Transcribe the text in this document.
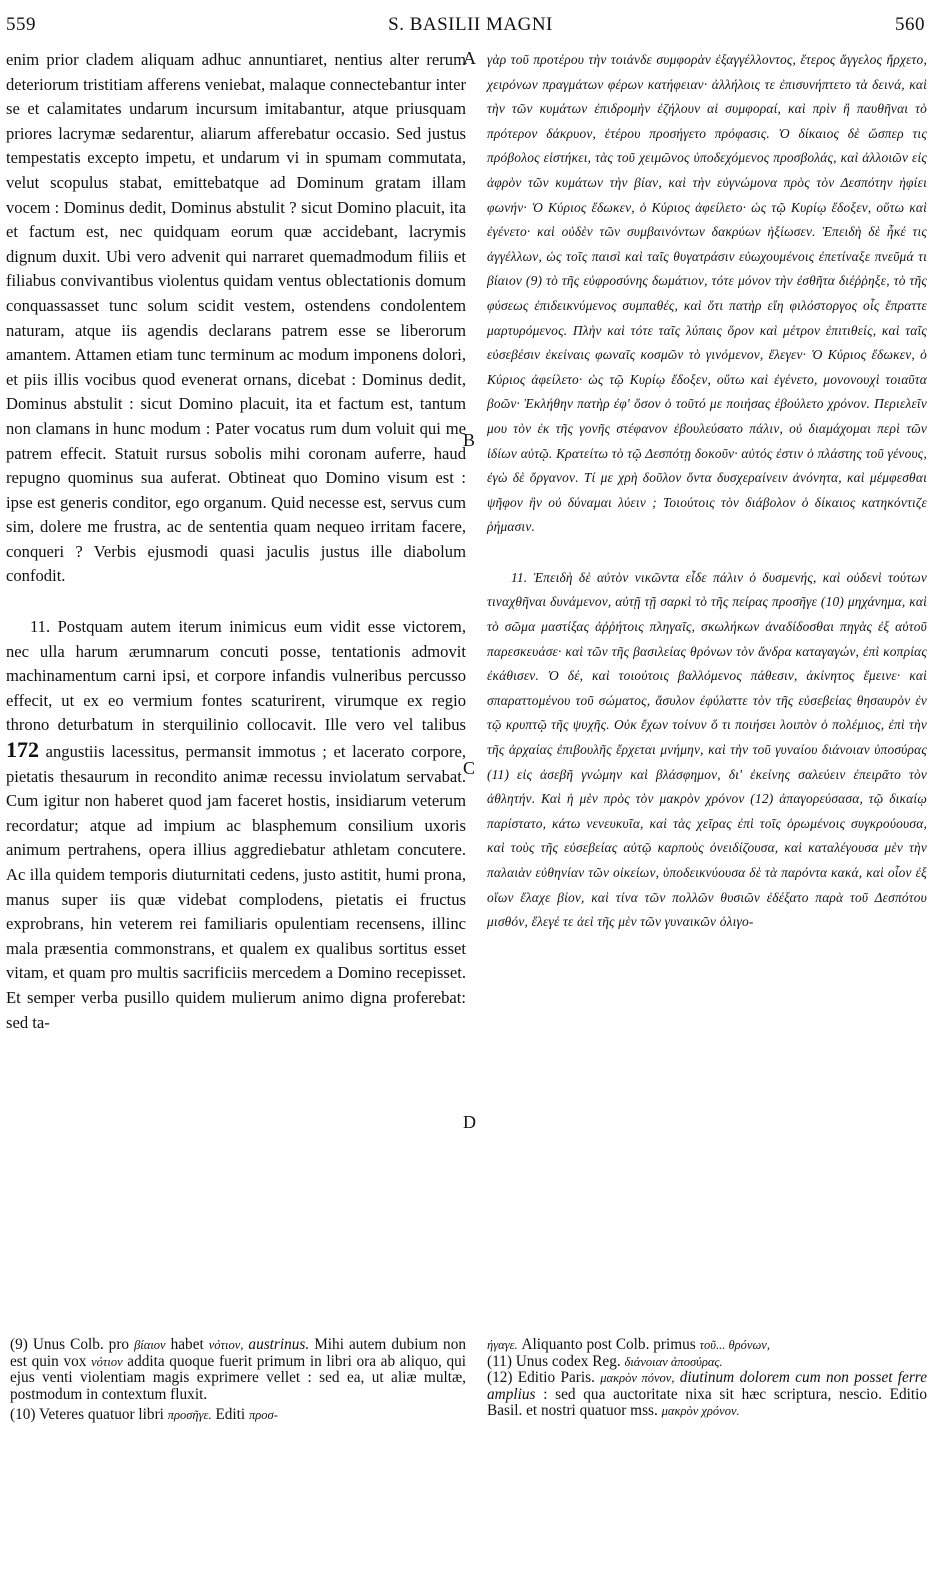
559	S. BASILII MAGNI	560

enim prior cladem aliquam adhuc annuntiaret, nentius alter rerum deteriorum tristitiam afferens veniebat, malaque connectebantur inter se et calamitates undarum incursum imitabantur, atque priusquam priores lacrymæ sedarentur, aliarum afferebatur occasio. Sed justus tempestatis excepto impetu, et undarum vi in spumam commutata, velut scopulus stabat, emittebatque ad Dominum gratam illam vocem : Dominus dedit, Dominus abstulit ? sicut Domino placuit, ita et factum est, nec quidquam eorum quæ accidebant, lacrymis dignum duxit. Ubi vero advenit qui narraret quemadmodum filiis et filiabus convivantibus violentus quidam ventus oblectationis domum conquassasset tunc solum scidit vestem, ostendens condolentem naturam, atque iis agendis declarans patrem esse se liberorum amantem. Attamen etiam tunc terminum ac modum imponens dolori, et piis illis vocibus quod evenerat ornans, dicebat : Dominus dedit, Dominus abstulit : sicut Domino placuit, ita et factum est, tantum non clamans in hunc modum : Pater vocatus rum dum voluit qui me patrem effecit. Statuit rursus sobolis mihi coronam auferre, haud repugno quominus sua auferat. Obtineat quo Domino visum est : ipse est generis conditor, ego organum. Quid necesse est, servus cum sim, dolere me frustra, ac de sententia quam nequeo irritam facere, conqueri ? Verbis ejusmodi quasi jaculis justus ille diabolum confodit.

11. Postquam autem iterum inimicus eum vidit esse victorem, nec ulla harum ærumnarum concuti posse, tentationis admovit machinamentum carni ipsi, et corpore infandis vulneribus percusso effecit, ut ex eo vermium fontes scaturirent, virumque ex regio throno deturbatum in sterquilinio collocavit. Ille vero vel talibus 172 angustiis lacessitus, permansit immotus ; et lacerato corpore, pietatis thesaurum in recondito animæ recessu inviolatum servabat. Cum igitur non haberet quod jam faceret hostis, insidiarum veterum recordatur; atque ad impium ac blasphemum consilium uxoris animum pertrahens, opera illius aggrediebatur athletam concutere. Ac illa quidem temporis diuturnitati cedens, justo astitit, humi prona, manus super iis quæ videbat complodens, pietatis ei fructus exprobrans, hin veterem rei familiaris opulentiam recensens, illinc mala præsentia commonstrans, et qualem ex qualibus sortitus esset vitam, et quam pro multis sacrificiis mercedem a Domino recepisset. Et semper verba pusillo quidem mulierum animo digna proferebat: sed ta-

A
B
C
D

γὰρ τοῦ προτέρου τὴν τοιάνδε συμφορὰν ἐξαγγέλλοντος, ἕτερος ἄγγελος ἤρχετο, χειρόνων πραγμάτων φέρων κατήφειαν· ἀλλήλοις τε ἐπισυνήπτετο τὰ δεινά, καὶ τὴν τῶν κυμάτων ἐπιδρομὴν ἐζήλουν αἱ συμφοραί, καὶ πρὶν ἢ παυθῆναι τὸ πρότερον δάκρυον, ἑτέρου προσήγετο πρόφασις. Ὁ δίκαιος δὲ ὥσπερ τις πρόβολος εἱστήκει, τὰς τοῦ χειμῶνος ὑποδεχόμενος προσβολάς, καὶ ἀλλοιῶν εἰς ἀφρὸν τῶν κυμάτων τὴν βίαν, καὶ τὴν εὐγνώμονα πρὸς τὸν Δεσπότην ἠφίει φωνήν· Ὁ Κύριος ἔδωκεν, ὁ Κύριος ἀφείλετο· ὡς τῷ Κυρίῳ ἔδοξεν, οὕτω καὶ ἐγένετο· καὶ οὐδὲν τῶν συμβαινόντων δακρύων ἠξίωσεν. Ἐπειδὴ δὲ ἧκέ τις ἀγγέλλων, ὡς τοῖς παισὶ καὶ ταῖς θυγατράσιν εὐωχουμένοις ἐπετίναξε πνεῦμά τι βίαιον (9) τὸ τῆς εὐφροσύνης δωμάτιον, τότε μόνον τὴν ἐσθῆτα διέῤῥηξε, τὸ τῆς φύσεως ἐπιδεικνύμενος συμπαθές, καὶ ὅτι πατὴρ εἴη φιλόστοργος οἷς ἔπραττε μαρτυρόμενος. Πλὴν καὶ τότε ταῖς λύπαις ὅρον καὶ μέτρον ἐπιτιθείς, καὶ ταῖς εὐσεβέσιν ἐκείναις φωναῖς κοσμῶν τὸ γινόμενον, ἔλεγεν· Ὁ Κύριος ἔδωκεν, ὁ Κύριος ἀφείλετο· ὡς τῷ Κυρίῳ ἔδοξεν, οὕτω καὶ ἐγένετο, μονονουχὶ τοιαῦτα βοῶν· Ἐκλήθην πατὴρ ἐφ' ὅσον ὁ τοῦτό με ποιήσας ἐβούλετο χρόνον. Περιελεῖν μου τὸν ἐκ τῆς γονῆς στέφανον ἐβουλεύσατο πάλιν, οὐ διαμάχομαι περὶ τῶν ἰδίων αὐτῷ. Κρατείτω τὸ τῷ Δεσπότῃ δοκοῦν· αὐτός ἐστιν ὁ πλάστης τοῦ γένους, ἐγὼ δὲ ὄργανον. Τί με χρὴ δοῦλον ὄντα δυσχεραίνειν ἀνόνητα, καὶ μέμφεσθαι ψῆφον ἣν οὐ δύναμαι λύειν ; Τοιούτοις τὸν διάβολον ὁ δίκαιος κατηκόντιζε ῥήμασιν.

11. Ἐπειδὴ δὲ αὐτὸν νικῶντα εἶδε πάλιν ὁ δυσμενής, καὶ οὐδενὶ τούτων τιναχθῆναι δυνάμενον, αὐτῇ τῇ σαρκὶ τὸ τῆς πείρας προσῆγε (10) μηχάνημα, καὶ τὸ σῶμα μαστίξας ἀῤῥήτοις πληγαῖς, σκωλήκων ἀναδίδοσθαι πηγὰς ἐξ αὐτοῦ παρεσκευάσε· καὶ τῶν τῆς βασιλείας θρόνων τὸν ἄνδρα καταγαγών, ἐπὶ κοπρίας ἐκάθισεν. Ὁ δέ, καὶ τοιούτοις βαλλόμενος πάθεσιν, ἀκίνητος ἔμεινε· καὶ σπαραττομένου τοῦ σώματος, ἄσυλον ἐφύλαττε τὸν τῆς εὐσεβείας θησαυρὸν ἐν τῷ κρυπτῷ τῆς ψυχῆς. Οὐκ ἔχων τοίνυν ὅ τι ποιήσει λοιπὸν ὁ πολέμιος, ἐπὶ τὴν τῆς ἀρχαίας ἐπιβουλῆς ἔρχεται μνήμην, καὶ τὴν τοῦ γυναίου διάνοιαν ὑποσύρας (11) εἰς ἀσεβῆ γνώμην καὶ βλάσφημον, δι' ἐκείνης σαλεύειν ἐπειρᾶτο τὸν ἀθλητήν. Καὶ ἡ μὲν πρὸς τὸν μακρὸν χρόνον (12) ἀπαγορεύσασα, τῷ δικαίῳ παρίστατο, κάτω νενευκυῖα, καὶ τὰς χεῖρας ἐπὶ τοῖς ὁρωμένοις συγκρούουσα, καὶ τοὺς τῆς εὐσεβείας αὐτῷ καρποὺς ὀνειδίζουσα, καὶ καταλέγουσα μὲν τὴν παλαιὰν εὐθηνίαν τῶν οἰκείων, ὑποδεικνύουσα δὲ τὰ παρόντα κακά, καὶ οἷον ἐξ οἵων ἔλαχε βίον, καὶ τίνα τῶν πολλῶν θυσιῶν ἐδέξατο παρὰ τοῦ Δεσπότου μισθόν, ἔλεγέ τε ἀεὶ τῆς μὲν τῶν γυναικῶν ὀλιγο-

(9) Unus Colb. pro βίαιον habet νότιον, austrinus. Mihi autem dubium non est quin vox νότιον addita quoque fuerit primum in libri ora ab aliquo, qui ejus venti violentiam magis exprimere vellet : sed ea, ut aliæ multæ, postmodum in contextum fluxit.

(10) Veteres quatuor libri προσῆγε. Editi προσ-

ήγαγε. Aliquanto post Colb. primus τοῦ... θρόνων,

(11) Unus codex Reg. διάνοιαν ἀποσύρας.

(12) Editio Paris. μακρὸν πόνον, diutinum dolorem cum non posset ferre amplius : sed qua auctoritate nixa sit hæc scriptura, nescio. Editio Basil. et nostri quatuor mss. μακρὸν χρόνον.
